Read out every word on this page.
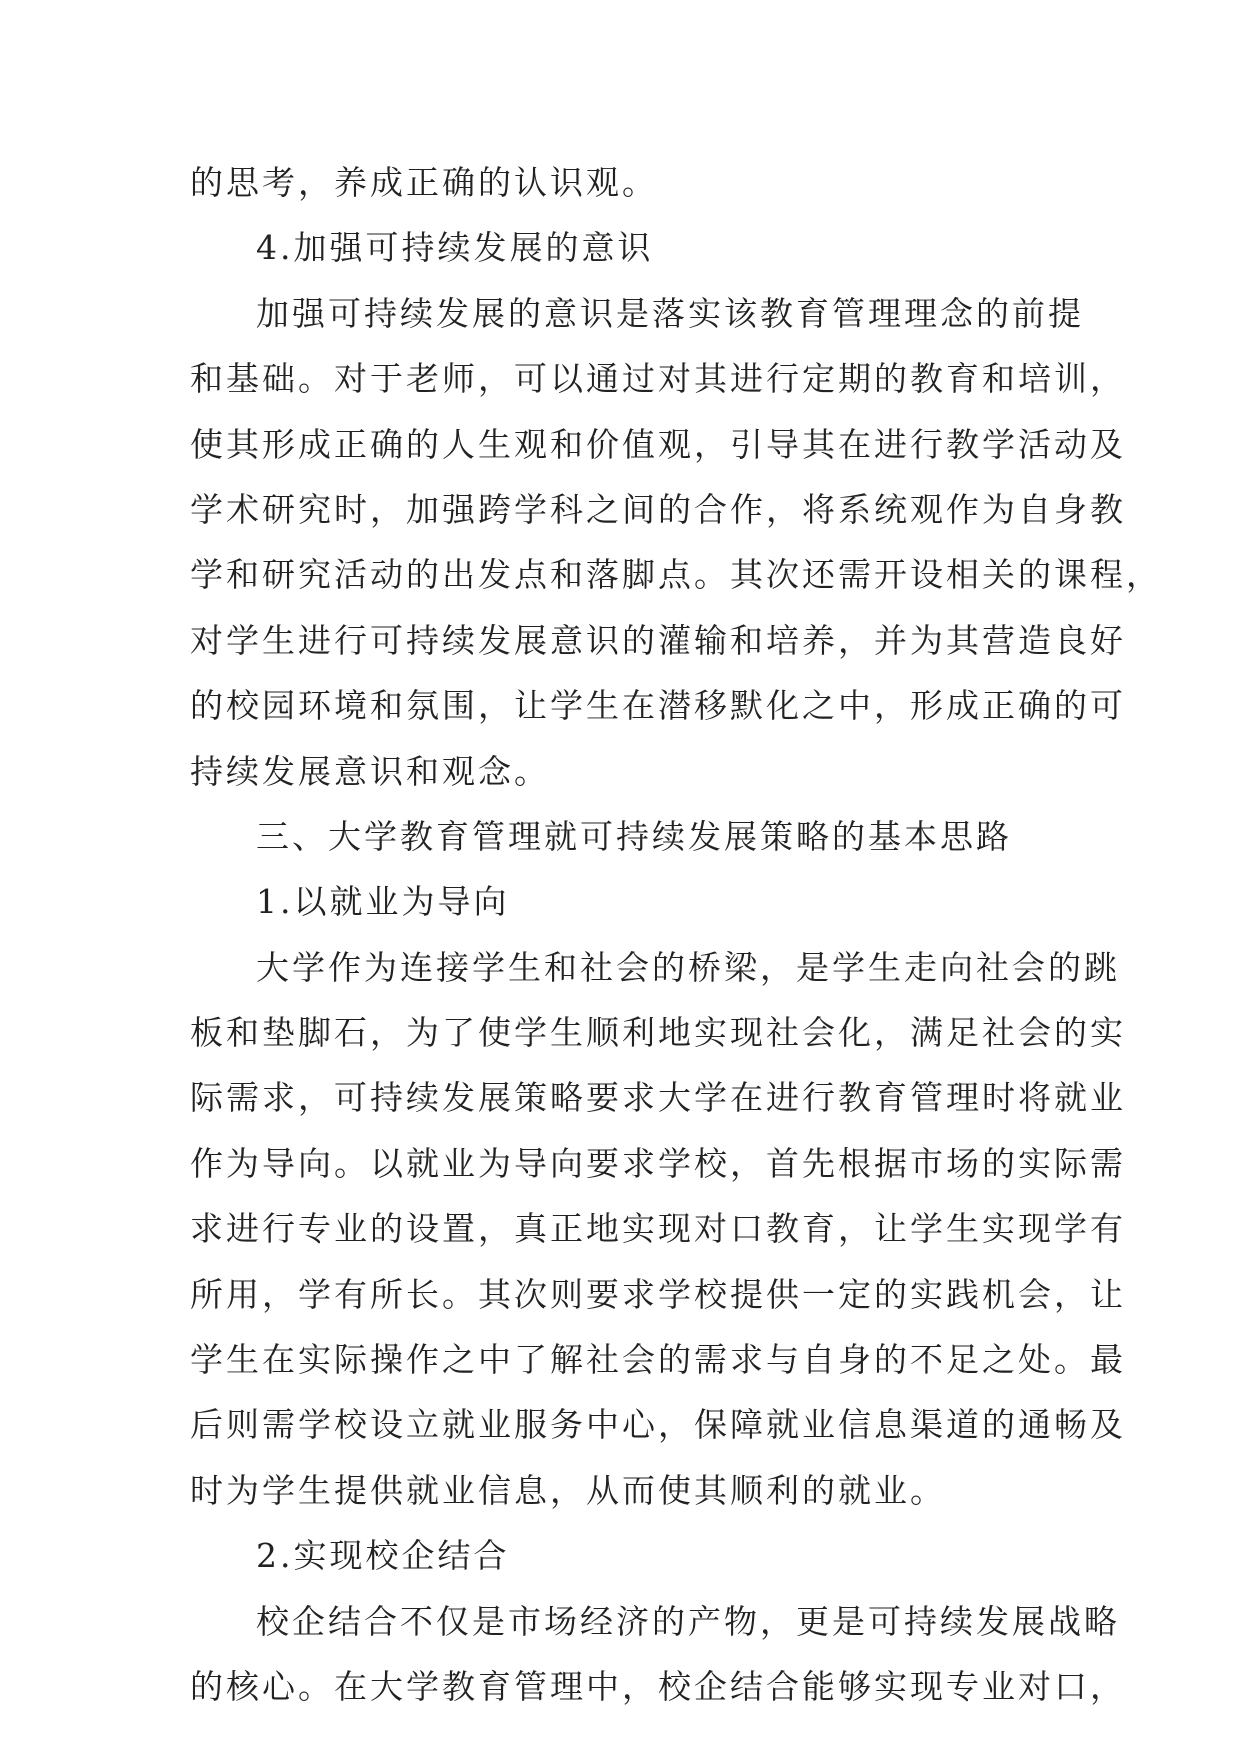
的思考，养成正确的认识观。
4.加强可持续发展的意识
加强可持续发展的意识是落实该教育管理理念的前提
和基础。对于老师，可以通过对其进行定期的教育和培训，
使其形成正确的人生观和价值观，引导其在进行教学活动及
学术研究时，加强跨学科之间的合作，将系统观作为自身教
学和研究活动的出发点和落脚点。其次还需开设相关的课程，
对学生进行可持续发展意识的灌输和培养，并为其营造良好
的校园环境和氛围，让学生在潜移默化之中，形成正确的可
持续发展意识和观念。
三、大学教育管理就可持续发展策略的基本思路
1.以就业为导向
大学作为连接学生和社会的桥梁，是学生走向社会的跳
板和垫脚石，为了使学生顺利地实现社会化，满足社会的实
际需求，可持续发展策略要求大学在进行教育管理时将就业
作为导向。以就业为导向要求学校，首先根据市场的实际需
求进行专业的设置，真正地实现对口教育，让学生实现学有
所用，学有所长。其次则要求学校提供一定的实践机会，让
学生在实际操作之中了解社会的需求与自身的不足之处。最
后则需学校设立就业服务中心，保障就业信息渠道的通畅及
时为学生提供就业信息，从而使其顺利的就业。
2.实现校企结合
校企结合不仅是市场经济的产物，更是可持续发展战略
的核心。在大学教育管理中，校企结合能够实现专业对口，
